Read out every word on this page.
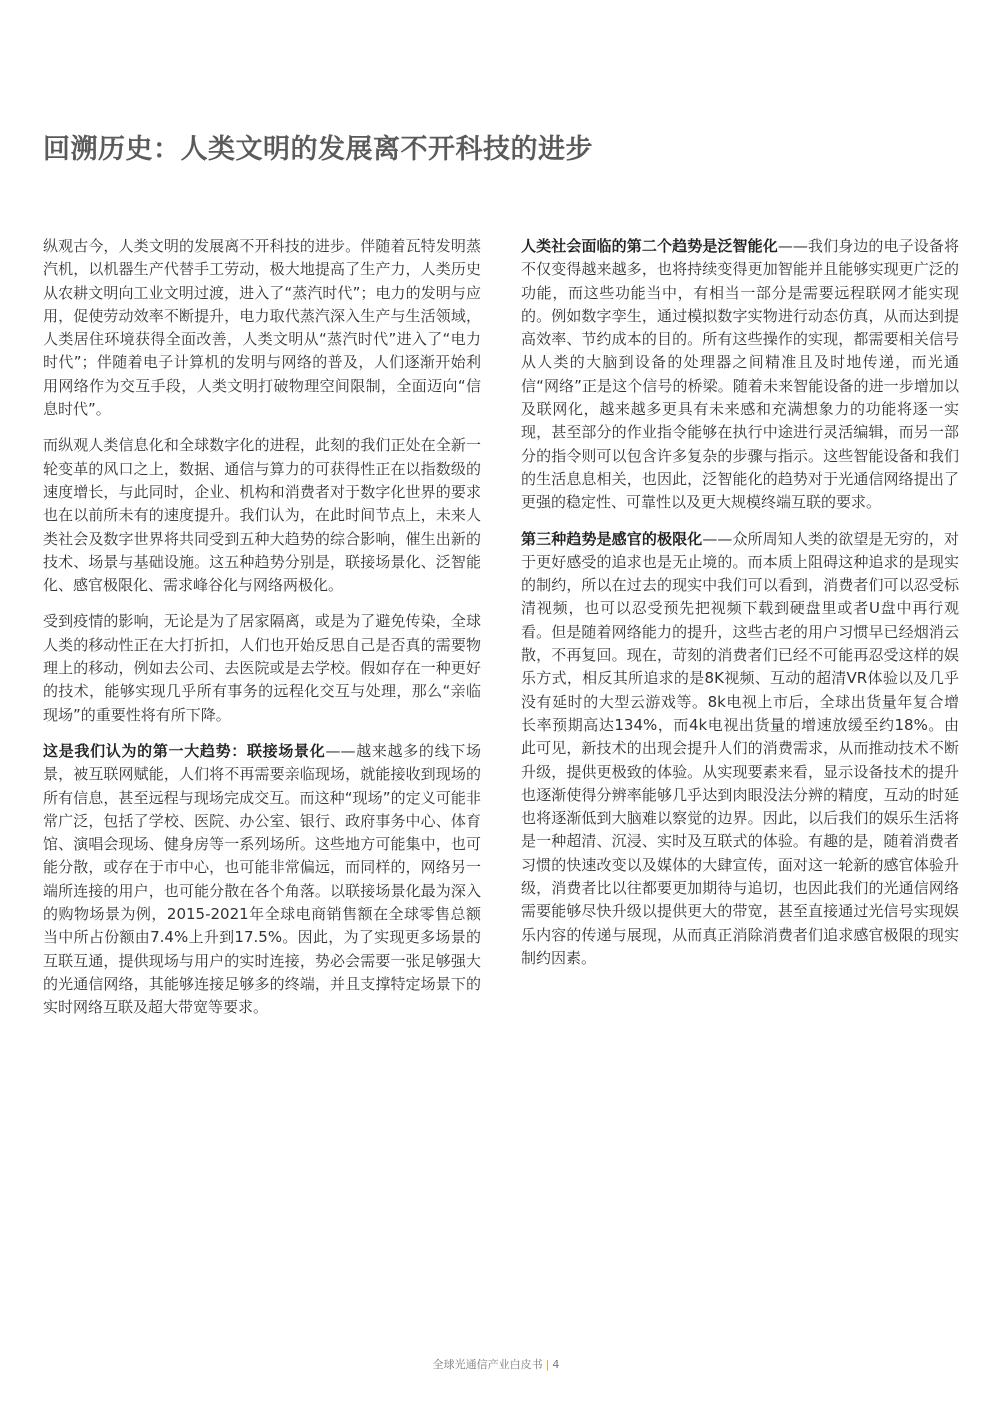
回溯历史：人类文明的发展离不开科技的进步

纵观古今，人类文明的发展离不开科技的进步。伴随着瓦特发明蒸汽机，以机器生产代替手工劳动，极大地提高了生产力，人类历史从农耕文明向工业文明过渡，进入了“蒸汽时代”；电力的发明与应用，促使劳动效率不断提升，电力取代蒸汽深入生产与生活领域，人类居住环境获得全面改善，人类文明从“蒸汽时代”进入了“电力时代”；伴随着电子计算机的发明与网络的普及，人们逐渐开始利用网络作为交互手段，人类文明打破物理空间限制，全面迈向“信息时代”。

而纵观人类信息化和全球数字化的进程，此刻的我们正处在全新一轮变革的风口之上，数据、通信与算力的可获得性正在以指数级的速度增长，与此同时，企业、机构和消费者对于数字化世界的要求也在以前所未有的速度提升。我们认为，在此时间节点上，未来人类社会及数字世界将共同受到五种大趋势的综合影响，催生出新的技术、场景与基础设施。这五种趋势分别是，联接场景化、泛智能化、感官极限化、需求峰谷化与网络两极化。

受到疫情的影响，无论是为了居家隔离，或是为了避免传染，全球人类的移动性正在大打折扣，人们也开始反思自己是否真的需要物理上的移动，例如去公司、去医院或是去学校。假如存在一种更好的技术，能够实现几乎所有事务的远程化交互与处理，那么“亲临现场”的重要性将有所下降。

这是我们认为的第一大趋势：联接场景化——越来越多的线下场景，被互联网赋能，人们将不再需要亲临现场，就能接收到现场的所有信息，甚至远程与现场完成交互。而这种“现场”的定义可能非常广泛，包括了学校、医院、办公室、银行、政府事务中心、体育馆、演唱会现场、健身房等一系列场所。这些地方可能集中，也可能分散，或存在于市中心，也可能非常偏远，而同样的，网络另一端所连接的用户，也可能分散在各个角落。以联接场景化最为深入的购物场景为例，2015-2021年全球电商销售额在全球零售总额当中所占份额由7.4%上升到17.5%。因此，为了实现更多场景的互联互通，提供现场与用户的实时连接，势必会需要一张足够强大的光通信网络，其能够连接足够多的终端，并且支撑特定场景下的实时网络互联及超大带宽等要求。

人类社会面临的第二个趋势是泛智能化——我们身边的电子设备将不仅变得越来越多，也将持续变得更加智能并且能够实现更广泛的功能，而这些功能当中，有相当一部分是需要远程联网才能实现的。例如数字孪生，通过模拟数字实物进行动态仿真，从而达到提高效率、节约成本的目的。所有这些操作的实现，都需要相关信号从人类的大脑到设备的处理器之间精准且及时地传递，而光通信“网络”正是这个信号的桥梁。随着未来智能设备的进一步增加以及联网化，越来越多更具有未来感和充满想象力的功能将逐一实现，甚至部分的作业指令能够在执行中途进行灵活编辑，而另一部分的指令则可以包含许多复杂的步骤与指示。这些智能设备和我们的生活息息相关，也因此，泛智能化的趋势对于光通信网络提出了更强的稳定性、可靠性以及更大规模终端互联的要求。

第三种趋势是感官的极限化——众所周知人类的欲望是无穷的，对于更好感受的追求也是无止境的。而本质上阻碍这种追求的是现实的制约，所以在过去的现实中我们可以看到，消费者们可以忍受标清视频，也可以忍受预先把视频下载到硬盘里或者U盘中再行观看。但是随着网络能力的提升，这些古老的用户习惯早已经烟消云散，不再复回。现在，苛刻的消费者们已经不可能再忍受这样的娱乐方式，相反其所追求的是8K视频、互动的超清VR体验以及几乎没有延时的大型云游戏等。8k电视上市后，全球出货量年复合增长率预期高达134%，而4k电视出货量的增速放缓至约18%。由此可见，新技术的出现会提升人们的消费需求，从而推动技术不断升级，提供更极致的体验。从实现要素来看，显示设备技术的提升也逐渐使得分辨率能够几乎达到肉眼没法分辨的精度，互动的时延也将逐渐低到大脑难以察觉的边界。因此，以后我们的娱乐生活将是一种超清、沉浸、实时及互联式的体验。有趣的是，随着消费者习惯的快速改变以及媒体的大肆宣传，面对这一轮新的感官体验升级，消费者比以往都要更加期待与追切，也因此我们的光通信网络需要能够尽快升级以提供更大的带宽，甚至直接通过光信号实现娱乐内容的传递与展现，从而真正消除消费者们追求感官极限的现实制约因素。

全球光通信产业白皮书 | 4
